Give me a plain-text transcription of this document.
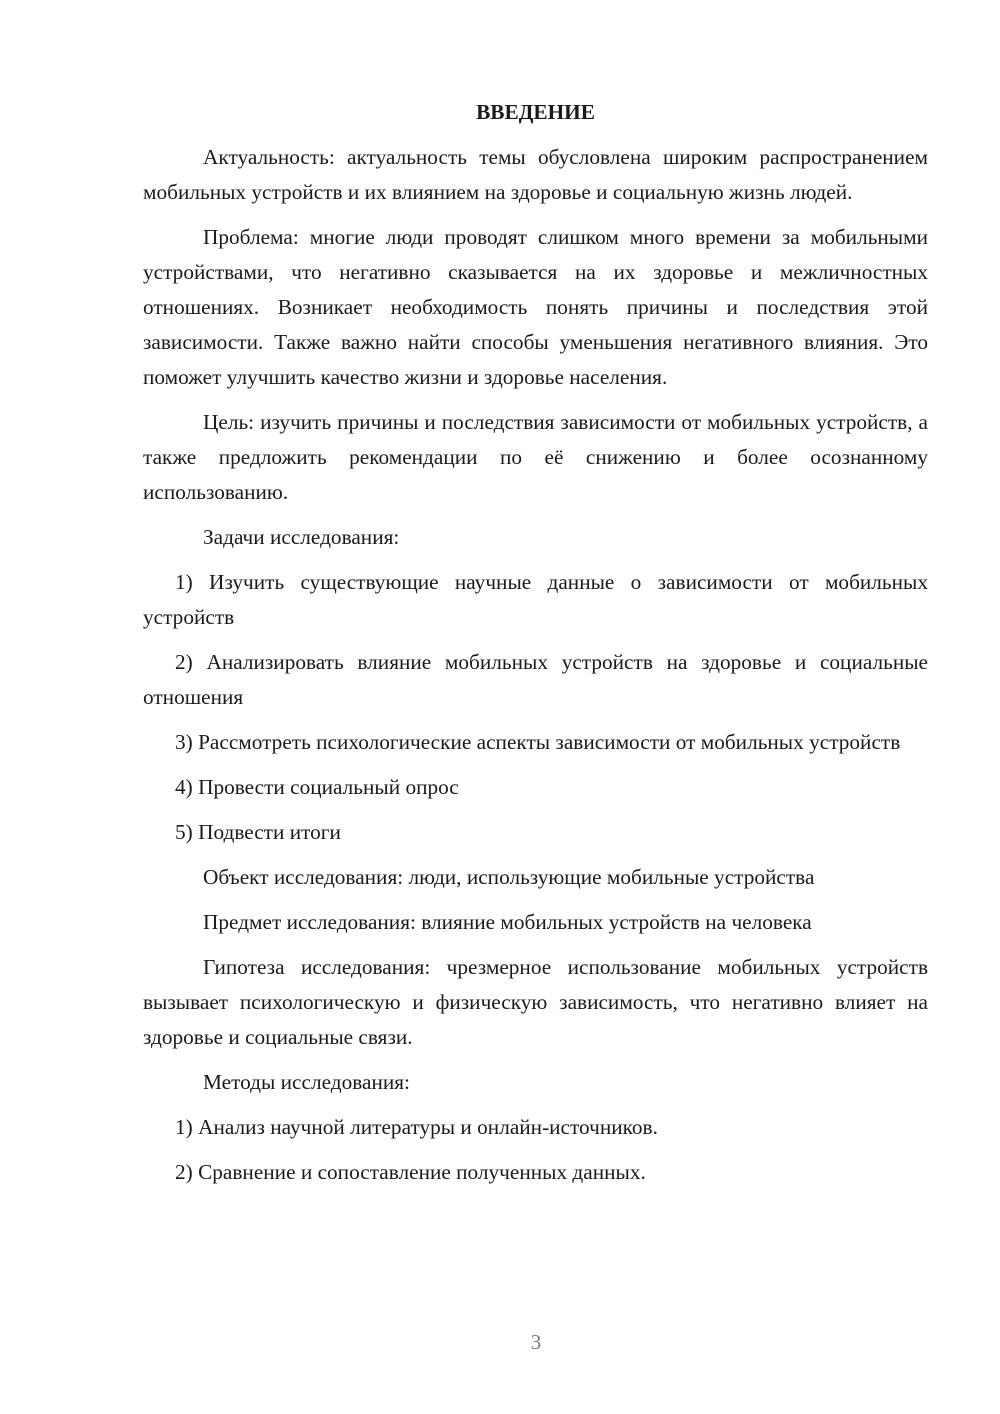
ВВЕДЕНИЕ
Актуальность: актуальность темы обусловлена широким распространением мобильных устройств и их влиянием на здоровье и социальную жизнь людей.
Проблема: многие люди проводят слишком много времени за мобильными устройствами, что негативно сказывается на их здоровье и межличностных отношениях. Возникает необходимость понять причины и последствия этой зависимости. Также важно найти способы уменьшения негативного влияния. Это поможет улучшить качество жизни и здоровье населения.
Цель: изучить причины и последствия зависимости от мобильных устройств, а также предложить рекомендации по её снижению и более осознанному использованию.
Задачи исследования:
1) Изучить существующие научные данные о зависимости от мобильных устройств
2) Анализировать влияние мобильных устройств на здоровье и социальные отношения
3) Рассмотреть психологические аспекты зависимости от мобильных устройств
4) Провести социальный опрос
5) Подвести итоги
Объект исследования: люди, использующие мобильные устройства
Предмет исследования: влияние мобильных устройств на человека
Гипотеза исследования: чрезмерное использование мобильных устройств вызывает психологическую и физическую зависимость, что негативно влияет на здоровье и социальные связи.
Методы исследования:
1) Анализ научной литературы и онлайн-источников.
2) Сравнение и сопоставление полученных данных.
3
